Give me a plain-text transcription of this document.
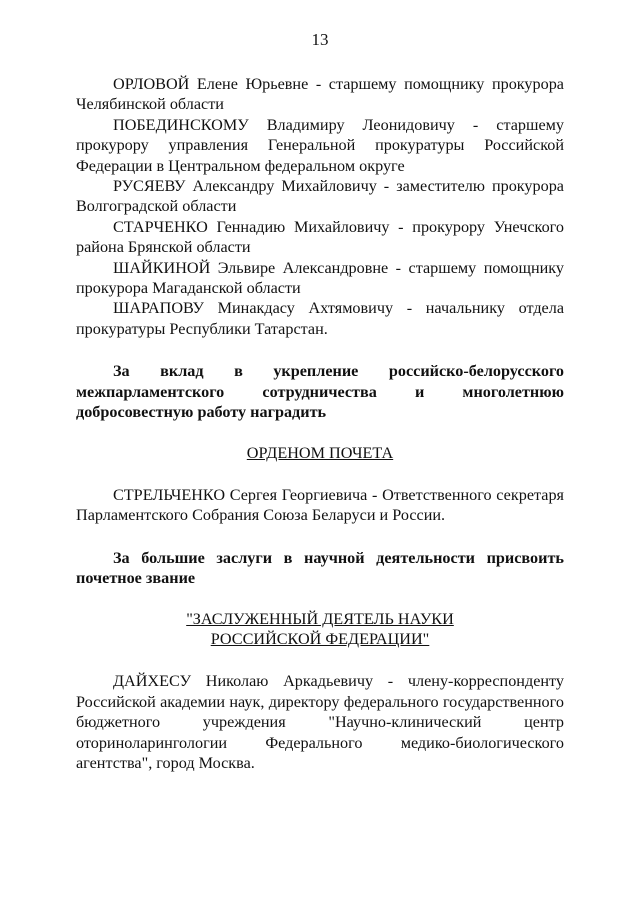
13

ОРЛОВОЙ Елене Юрьевне - старшему помощнику прокурора Челябинской области

ПОБЕДИНСКОМУ Владимиру Леонидовичу - старшему прокурору управления Генеральной прокуратуры Российской Федерации в Центральном федеральном округе

РУСЯЕВУ Александру Михайловичу - заместителю прокурора Волгоградской области

СТАРЧЕНКО Геннадию Михайловичу - прокурору Унечского района Брянской области

ШАЙКИНОЙ Эльвире Александровне - старшему помощнику прокурора Магаданской области

ШАРАПОВУ Минакдасу Ахтямовичу - начальнику отдела прокуратуры Республики Татарстан.

За вклад в укрепление российско-белорусского межпарламентского сотрудничества и многолетнюю добросовестную работу наградить

ОРДЕНОМ ПОЧЕТА

СТРЕЛЬЧЕНКО Сергея Георгиевича - Ответственного секретаря Парламентского Собрания Союза Беларуси и России.

За большие заслуги в научной деятельности присвоить почетное звание

"ЗАСЛУЖЕННЫЙ ДЕЯТЕЛЬ НАУКИ

РОССИЙСКОЙ ФЕДЕРАЦИИ"

ДАЙХЕСУ Николаю Аркадьевичу - члену-корреспонденту Российской академии наук, директору федерального государственного бюджетного учреждения "Научно-клинический центр оториноларингологии Федерального медико-биологического агентства", город Москва.
